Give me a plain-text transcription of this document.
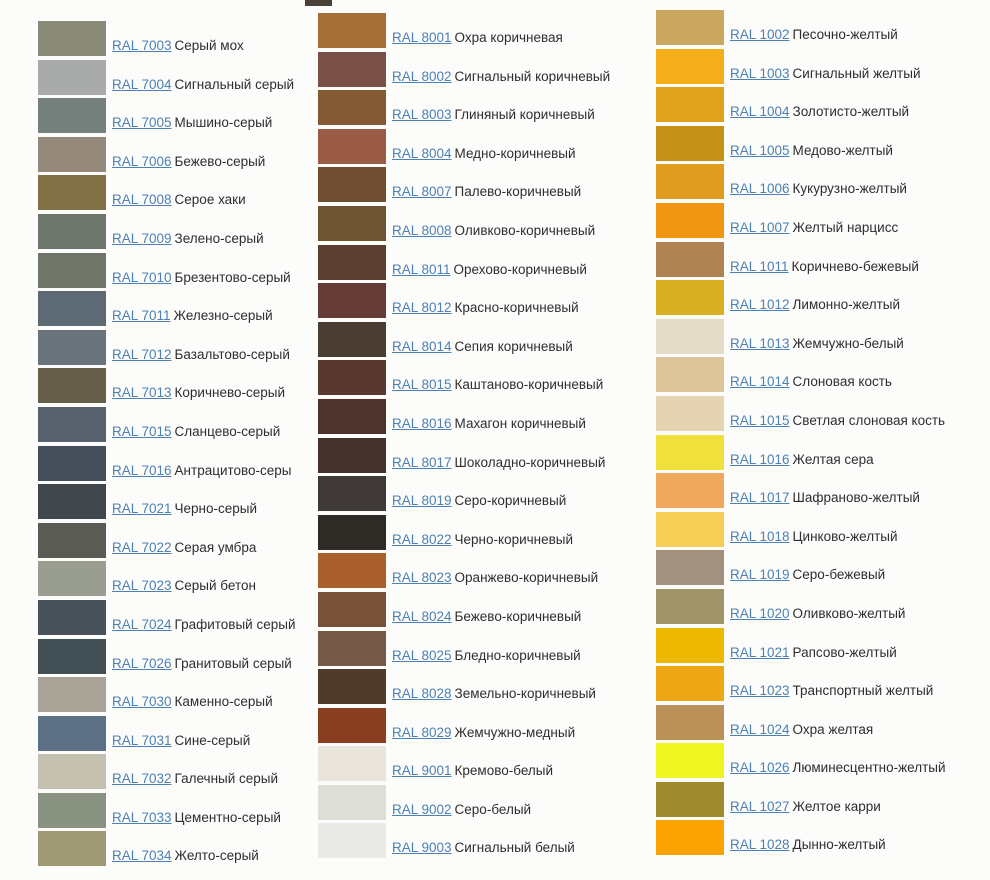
RAL 7003 Серый мох
RAL 7004 Сигнальный серый
RAL 7005 Мышино-серый
RAL 7006 Бежево-серый
RAL 7008 Серое хаки
RAL 7009 Зелено-серый
RAL 7010 Брезентово-серый
RAL 7011 Железно-серый
RAL 7012 Базальтово-серый
RAL 7013 Коричнево-серый
RAL 7015 Сланцево-серый
RAL 7016 Антрацитово-серы
RAL 7021 Черно-серый
RAL 7022 Серая умбра
RAL 7023 Серый бетон
RAL 7024 Графитовый серый
RAL 7026 Гранитовый серый
RAL 7030 Каменно-серый
RAL 7031 Сине-серый
RAL 7032 Галечный серый
RAL 7033 Цементно-серый
RAL 7034 Желто-серый
RAL 8001 Охра коричневая
RAL 8002 Сигнальный коричневый
RAL 8003 Глиняный коричневый
RAL 8004 Медно-коричневый
RAL 8007 Палево-коричневый
RAL 8008 Оливково-коричневый
RAL 8011 Орехово-коричневый
RAL 8012 Красно-коричневый
RAL 8014 Сепия коричневый
RAL 8015 Каштаново-коричневый
RAL 8016 Махагон коричневый
RAL 8017 Шоколадно-коричневый
RAL 8019 Серо-коричневый
RAL 8022 Черно-коричневый
RAL 8023 Оранжево-коричневый
RAL 8024 Бежево-коричневый
RAL 8025 Бледно-коричневый
RAL 8028 Земельно-коричневый
RAL 8029 Жемчужно-медный
RAL 9001 Кремово-белый
RAL 9002 Серо-белый
RAL 9003 Сигнальный белый
RAL 1002 Песочно-желтый
RAL 1003 Сигнальный желтый
RAL 1004 Золотисто-желтый
RAL 1005 Медово-желтый
RAL 1006 Кукурузно-желтый
RAL 1007 Желтый нарцисс
RAL 1011 Коричнево-бежевый
RAL 1012 Лимонно-желтый
RAL 1013 Жемчужно-белый
RAL 1014 Слоновая кость
RAL 1015 Светлая слоновая кость
RAL 1016 Желтая сера
RAL 1017 Шафраново-желтый
RAL 1018 Цинково-желтый
RAL 1019 Серо-бежевый
RAL 1020 Оливково-желтый
RAL 1021 Рапсово-желтый
RAL 1023 Транспортный желтый
RAL 1024 Охра желтая
RAL 1026 Люминесцентно-желтый
RAL 1027 Желтое карри
RAL 1028 Дынно-желтый
